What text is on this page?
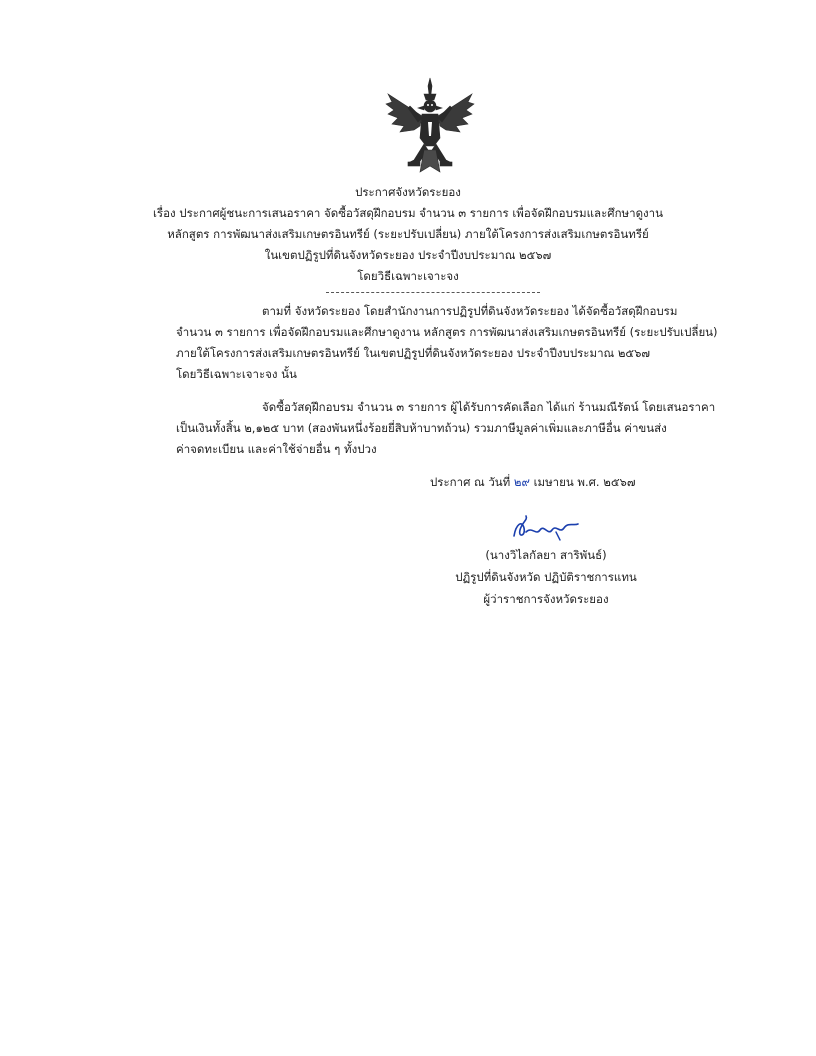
ประกาศจังหวัดระยอง
เรื่อง ประกาศผู้ชนะการเสนอราคา จัดซื้อวัสดุฝึกอบรม จำนวน ๓ รายการ เพื่อจัดฝึกอบรมและศึกษาดูงาน
หลักสูตร การพัฒนาส่งเสริมเกษตรอินทรีย์ (ระยะปรับเปลี่ยน) ภายใต้โครงการส่งเสริมเกษตรอินทรีย์
ในเขตปฏิรูปที่ดินจังหวัดระยอง ประจำปีงบประมาณ ๒๕๖๗
โดยวิธีเฉพาะเจาะจง
ตามที่ จังหวัดระยอง โดยสำนักงานการปฏิรูปที่ดินจังหวัดระยอง ได้จัดซื้อวัสดุฝึกอบรม
จำนวน ๓ รายการ เพื่อจัดฝึกอบรมและศึกษาดูงาน หลักสูตร การพัฒนาส่งเสริมเกษตรอินทรีย์ (ระยะปรับเปลี่ยน)
ภายใต้โครงการส่งเสริมเกษตรอินทรีย์ ในเขตปฏิรูปที่ดินจังหวัดระยอง ประจำปีงบประมาณ ๒๕๖๗
โดยวิธีเฉพาะเจาะจง นั้น
จัดซื้อวัสดุฝึกอบรม จำนวน ๓ รายการ ผู้ได้รับการคัดเลือก ได้แก่ ร้านมณีรัตน์ โดยเสนอราคา
เป็นเงินทั้งสิ้น ๒,๑๒๕ บาท (สองพันหนึ่งร้อยยี่สิบห้าบาทถ้วน) รวมภาษีมูลค่าเพิ่มและภาษีอื่น ค่าขนส่ง
ค่าจดทะเบียน และค่าใช้จ่ายอื่น ๆ ทั้งปวง
ประกาศ ณ วันที่ ๒๙ เมษายน พ.ศ. ๒๕๖๗
(นางวิไลกัลยา สาริพันธ์)
ปฏิรูปที่ดินจังหวัด ปฏิบัติราชการแทน
ผู้ว่าราชการจังหวัดระยอง
